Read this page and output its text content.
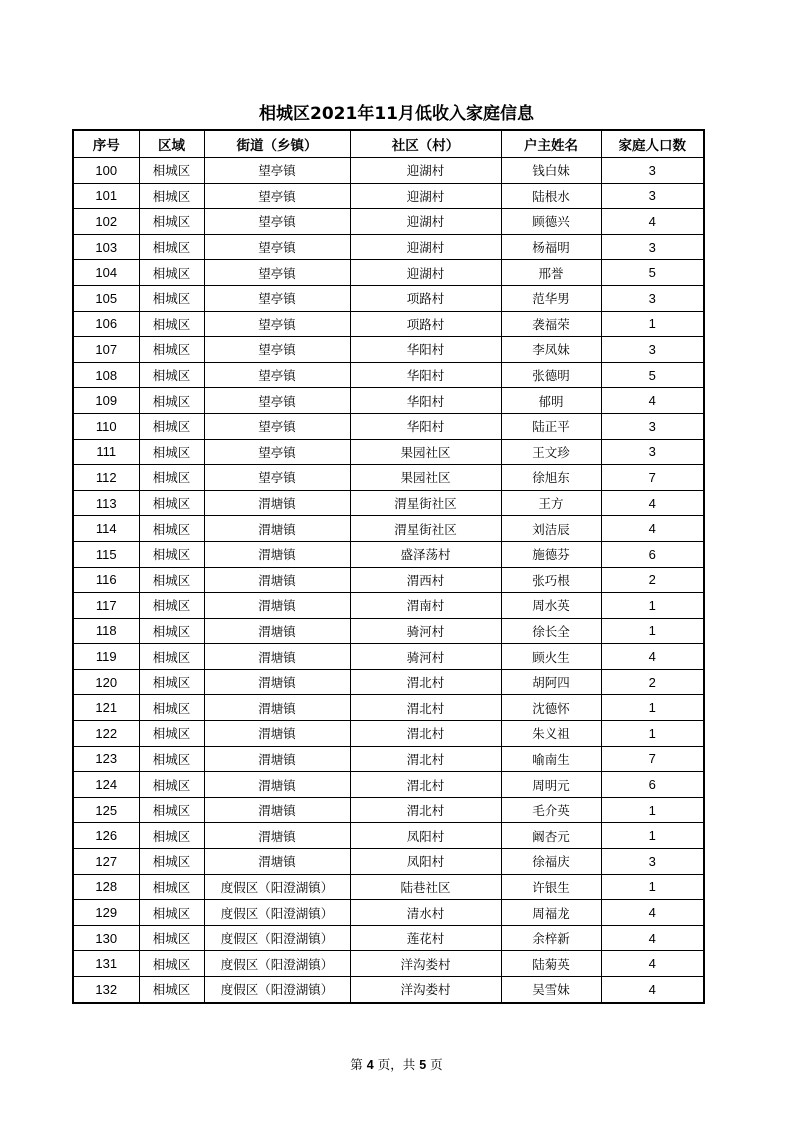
相城区2021年11月低收入家庭信息
序号	区域	街道（乡镇）	社区（村）	户主姓名	家庭人口数
100	相城区	望亭镇	迎湖村	钱白妹	3
101	相城区	望亭镇	迎湖村	陆根水	3
102	相城区	望亭镇	迎湖村	顾德兴	4
103	相城区	望亭镇	迎湖村	杨福明	3
104	相城区	望亭镇	迎湖村	邢誉	5
105	相城区	望亭镇	项路村	范华男	3
106	相城区	望亭镇	项路村	袭福荣	1
107	相城区	望亭镇	华阳村	李凤妹	3
108	相城区	望亭镇	华阳村	张德明	5
109	相城区	望亭镇	华阳村	郁明	4
110	相城区	望亭镇	华阳村	陆正平	3
111	相城区	望亭镇	果园社区	王文珍	3
112	相城区	望亭镇	果园社区	徐旭东	7
113	相城区	渭塘镇	渭星街社区	王方	4
114	相城区	渭塘镇	渭星街社区	刘洁辰	4
115	相城区	渭塘镇	盛泽荡村	施德芬	6
116	相城区	渭塘镇	渭西村	张巧根	2
117	相城区	渭塘镇	渭南村	周水英	1
118	相城区	渭塘镇	骑河村	徐长全	1
119	相城区	渭塘镇	骑河村	顾火生	4
120	相城区	渭塘镇	渭北村	胡阿四	2
121	相城区	渭塘镇	渭北村	沈德怀	1
122	相城区	渭塘镇	渭北村	朱义祖	1
123	相城区	渭塘镇	渭北村	喻南生	7
124	相城区	渭塘镇	渭北村	周明元	6
125	相城区	渭塘镇	渭北村	毛介英	1
126	相城区	渭塘镇	凤阳村	阚杏元	1
127	相城区	渭塘镇	凤阳村	徐福庆	3
128	相城区	度假区（阳澄湖镇）	陆巷社区	许银生	1
129	相城区	度假区（阳澄湖镇）	清水村	周福龙	4
130	相城区	度假区（阳澄湖镇）	莲花村	余梓新	4
131	相城区	度假区（阳澄湖镇）	洋沟娄村	陆菊英	4
132	相城区	度假区（阳澄湖镇）	洋沟娄村	吴雪妹	4
第 4 页，共 5 页
